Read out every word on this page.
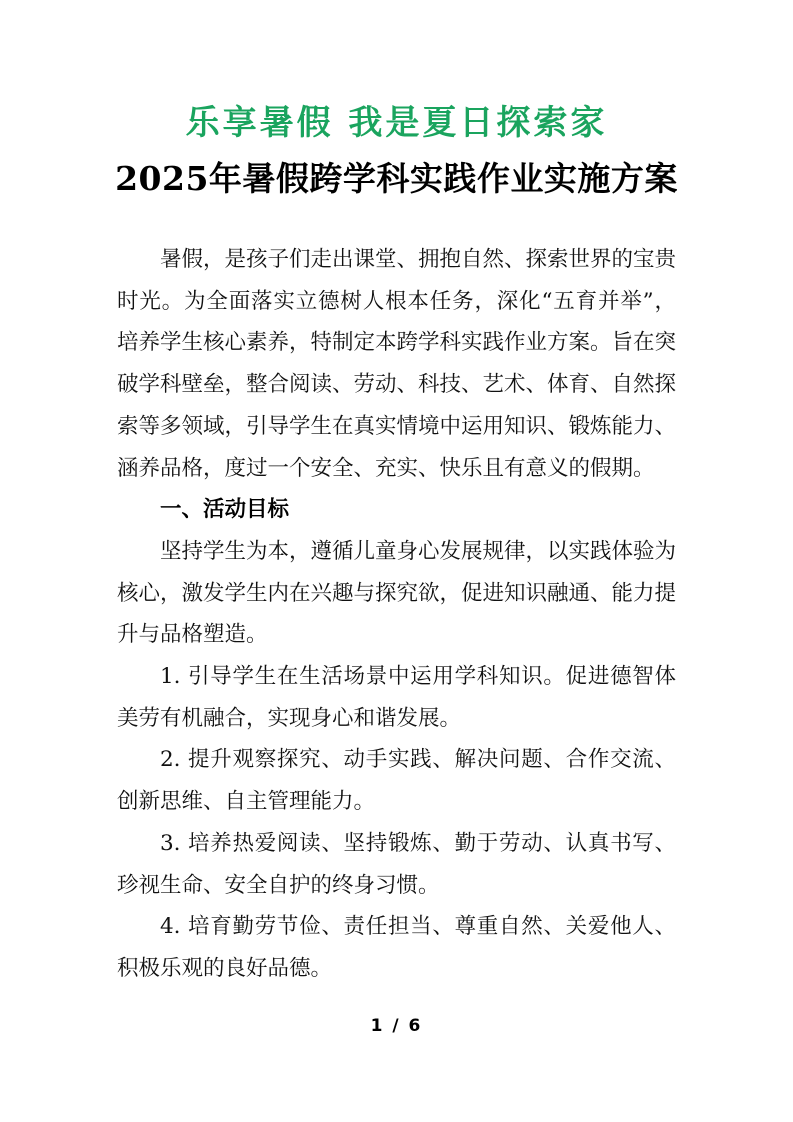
乐享暑假 我是夏日探索家
2025年暑假跨学科实践作业实施方案

暑假，是孩子们走出课堂、拥抱自然、探索世界的宝贵时光。为全面落实立德树人根本任务，深化“五育并举”，培养学生核心素养，特制定本跨学科实践作业方案。旨在突破学科壁垒，整合阅读、劳动、科技、艺术、体育、自然探索等多领域，引导学生在真实情境中运用知识、锻炼能力、涵养品格，度过一个安全、充实、快乐且有意义的假期。

一、活动目标

坚持学生为本，遵循儿童身心发展规律，以实践体验为核心，激发学生内在兴趣与探究欲，促进知识融通、能力提升与品格塑造。

1. 引导学生在生活场景中运用学科知识。促进德智体美劳有机融合，实现身心和谐发展。

2. 提升观察探究、动手实践、解决问题、合作交流、创新思维、自主管理能力。

3. 培养热爱阅读、坚持锻炼、勤于劳动、认真书写、珍视生命、安全自护的终身习惯。

4. 培育勤劳节俭、责任担当、尊重自然、关爱他人、积极乐观的良好品德。

1 / 6
